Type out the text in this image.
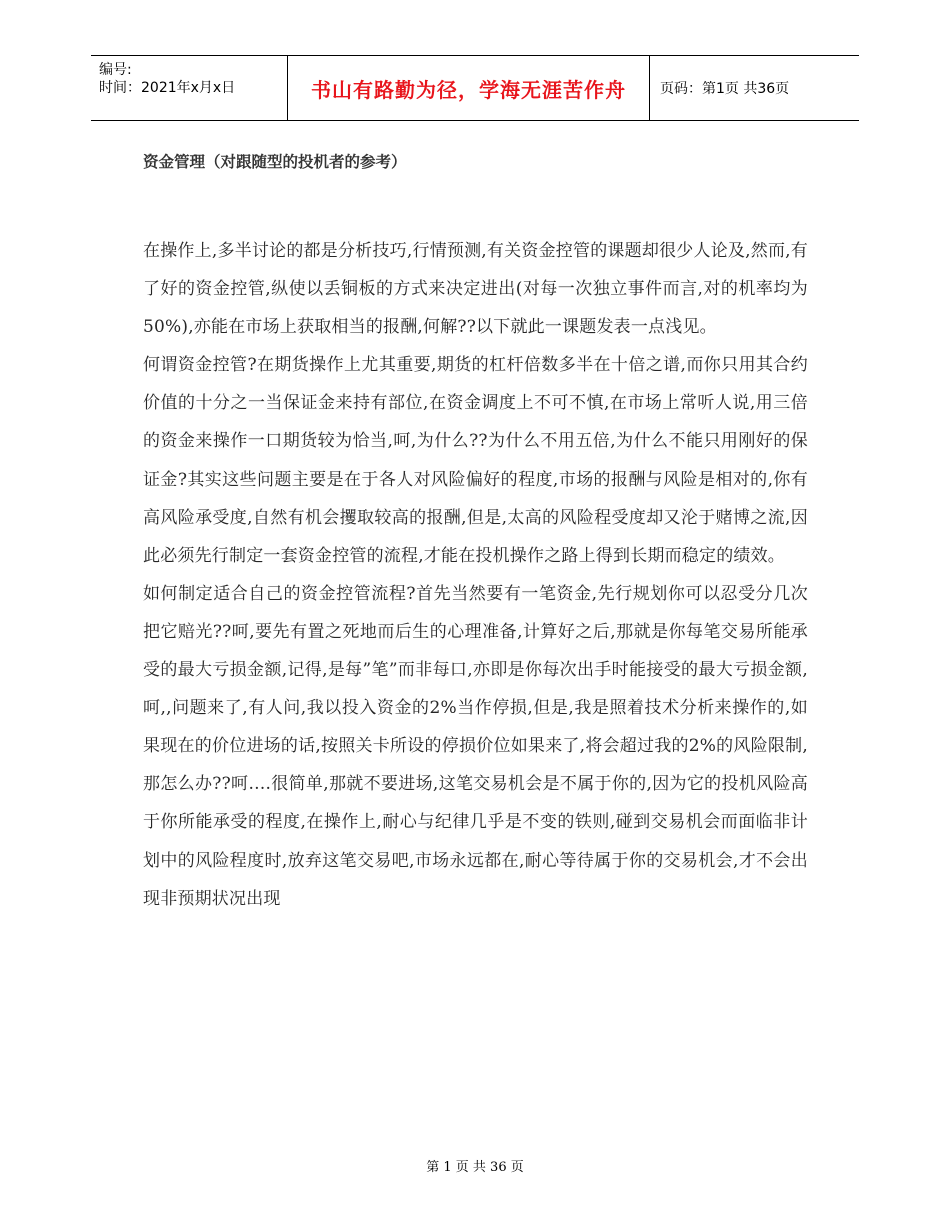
编号:
时间：2021年x月x日	书山有路勤为径，学海无涯苦作舟 页码：第1页 共36页
资金管理（对跟随型的投机者的参考）

在操作上,多半讨论的都是分析技巧,行情预测,有关资金控管的课题却很少人论及,然而,有了好的资金控管,纵使以丢铜板的方式来决定进出(对每一次独立事件而言,对的机率均为50%),亦能在市场上获取相当的报酬,何解??以下就此一课题发表一点浅见。

何谓资金控管?在期货操作上尤其重要,期货的杠杆倍数多半在十倍之谱,而你只用其合约价值的十分之一当保证金来持有部位,在资金调度上不可不慎,在市场上常听人说,用三倍的资金来操作一口期货较为恰当,呵,为什么??为什么不用五倍,为什么不能只用刚好的保证金?其实这些问题主要是在于各人对风险偏好的程度,市场的报酬与风险是相对的,你有高风险承受度,自然有机会攫取较高的报酬,但是,太高的风险程受度却又沦于赌博之流,因此必须先行制定一套资金控管的流程,才能在投机操作之路上得到长期而稳定的绩效。

如何制定适合自己的资金控管流程?首先当然要有一笔资金,先行规划你可以忍受分几次把它赔光??呵,要先有置之死地而后生的心理准备,计算好之后,那就是你每笔交易所能承受的最大亏损金额,记得,是每”笔”而非每口,亦即是你每次出手时能接受的最大亏损金额,呵,,问题来了,有人问,我以投入资金的2%当作停损,但是,我是照着技术分析来操作的,如果现在的价位进场的话,按照关卡所设的停损价位如果来了,将会超过我的2%的风险限制,那怎么办??呵….很简单,那就不要进场,这笔交易机会是不属于你的,因为它的投机风险高于你所能承受的程度,在操作上,耐心与纪律几乎是不变的铁则,碰到交易机会而面临非计划中的风险程度时,放弃这笔交易吧,市场永远都在,耐心等待属于你的交易机会,才不会出现非预期状况出现

第 1 页 共 36 页
